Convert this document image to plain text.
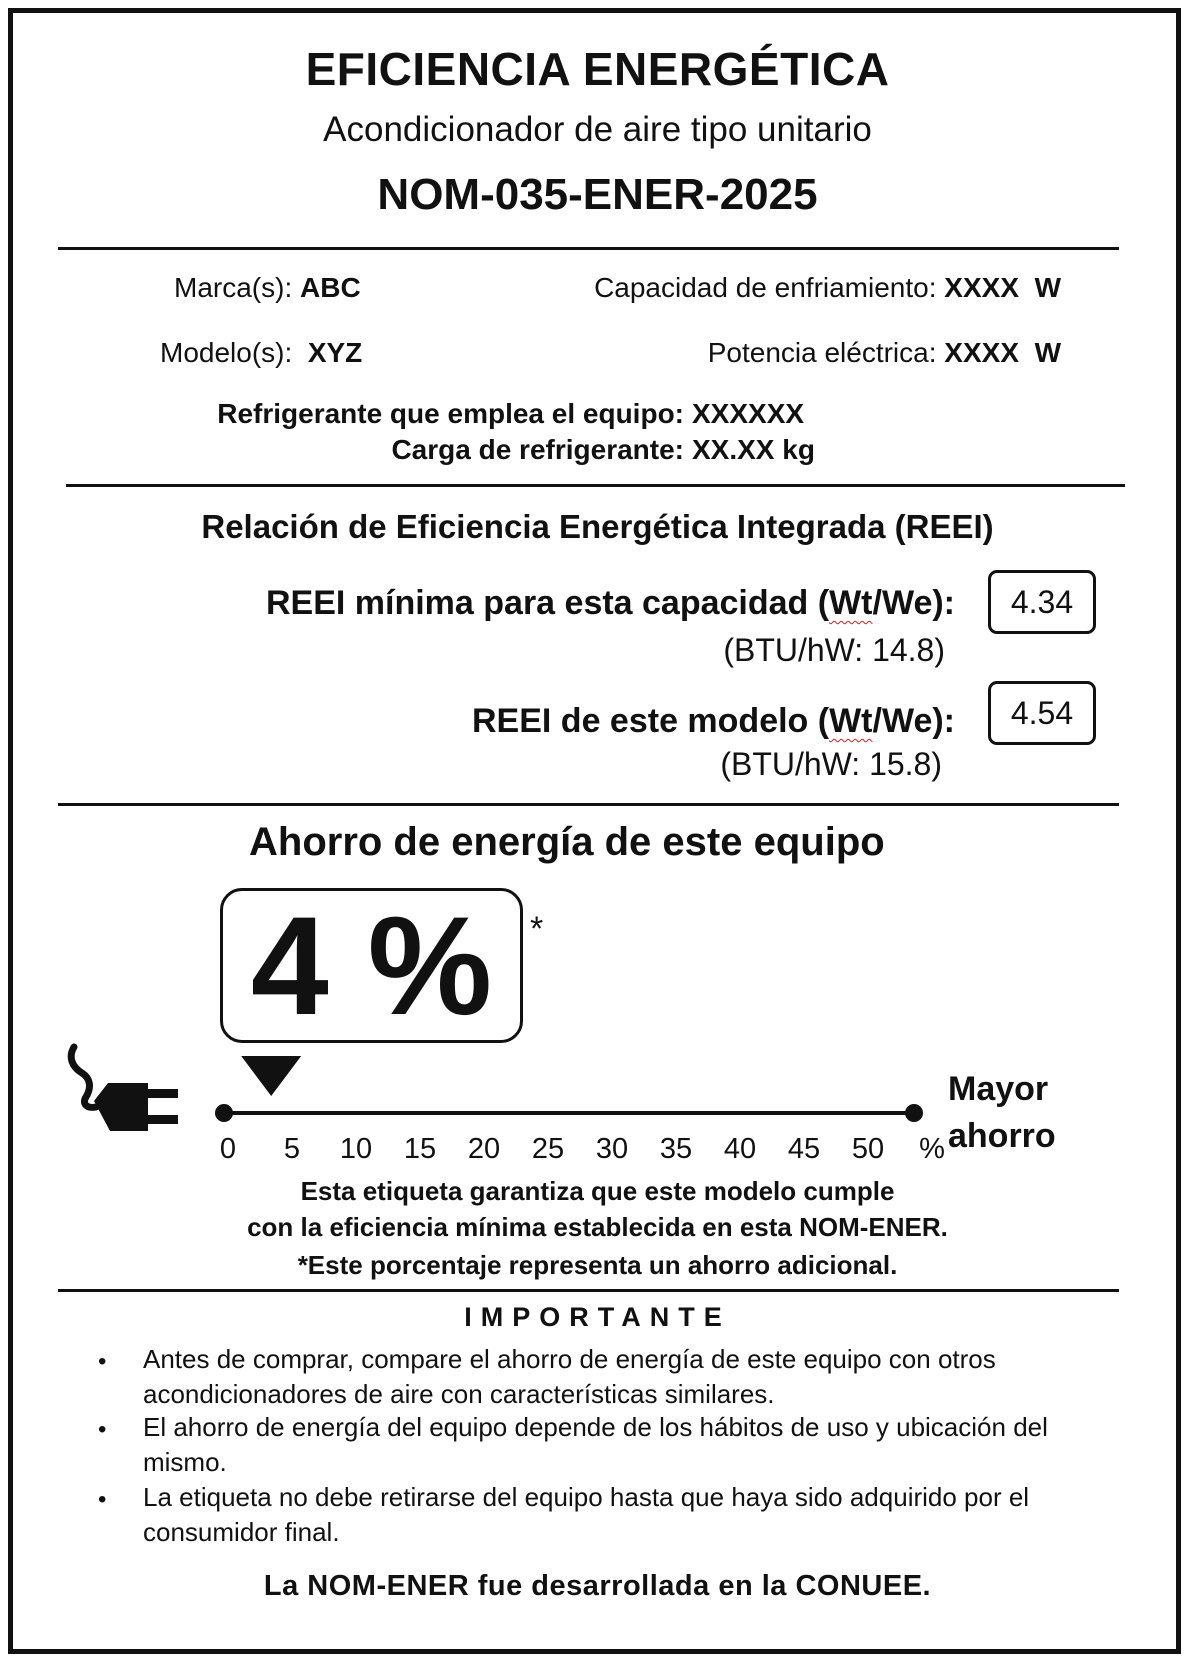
EFICIENCIA ENERGÉTICA
Acondicionador de aire tipo unitario
NOM-035-ENER-2025
Marca(s): ABC
Modelo(s): XYZ
Capacidad de enfriamiento: XXXX W
Potencia eléctrica: XXXX W
Refrigerante que emplea el equipo: XXXXXX
Carga de refrigerante: XX.XX kg
Relación de Eficiencia Energética Integrada (REEI)
REEI mínima para esta capacidad (Wt/We): 4.34
(BTU/hW: 14.8)
REEI de este modelo (Wt/We): 4.54
(BTU/hW: 15.8)
Ahorro de energía de este equipo
4 % *
0 5 10 15 20 25 30 35 40 45 50 %
Mayor
ahorro
Esta etiqueta garantiza que este modelo cumple
con la eficiencia mínima establecida en esta NOM-ENER.
*Este porcentaje representa un ahorro adicional.
IMPORTANTE
• Antes de comprar, compare el ahorro de energía de este equipo con otros acondicionadores de aire con características similares.
• El ahorro de energía del equipo depende de los hábitos de uso y ubicación del mismo.
• La etiqueta no debe retirarse del equipo hasta que haya sido adquirido por el consumidor final.
La NOM-ENER fue desarrollada en la CONUEE.
